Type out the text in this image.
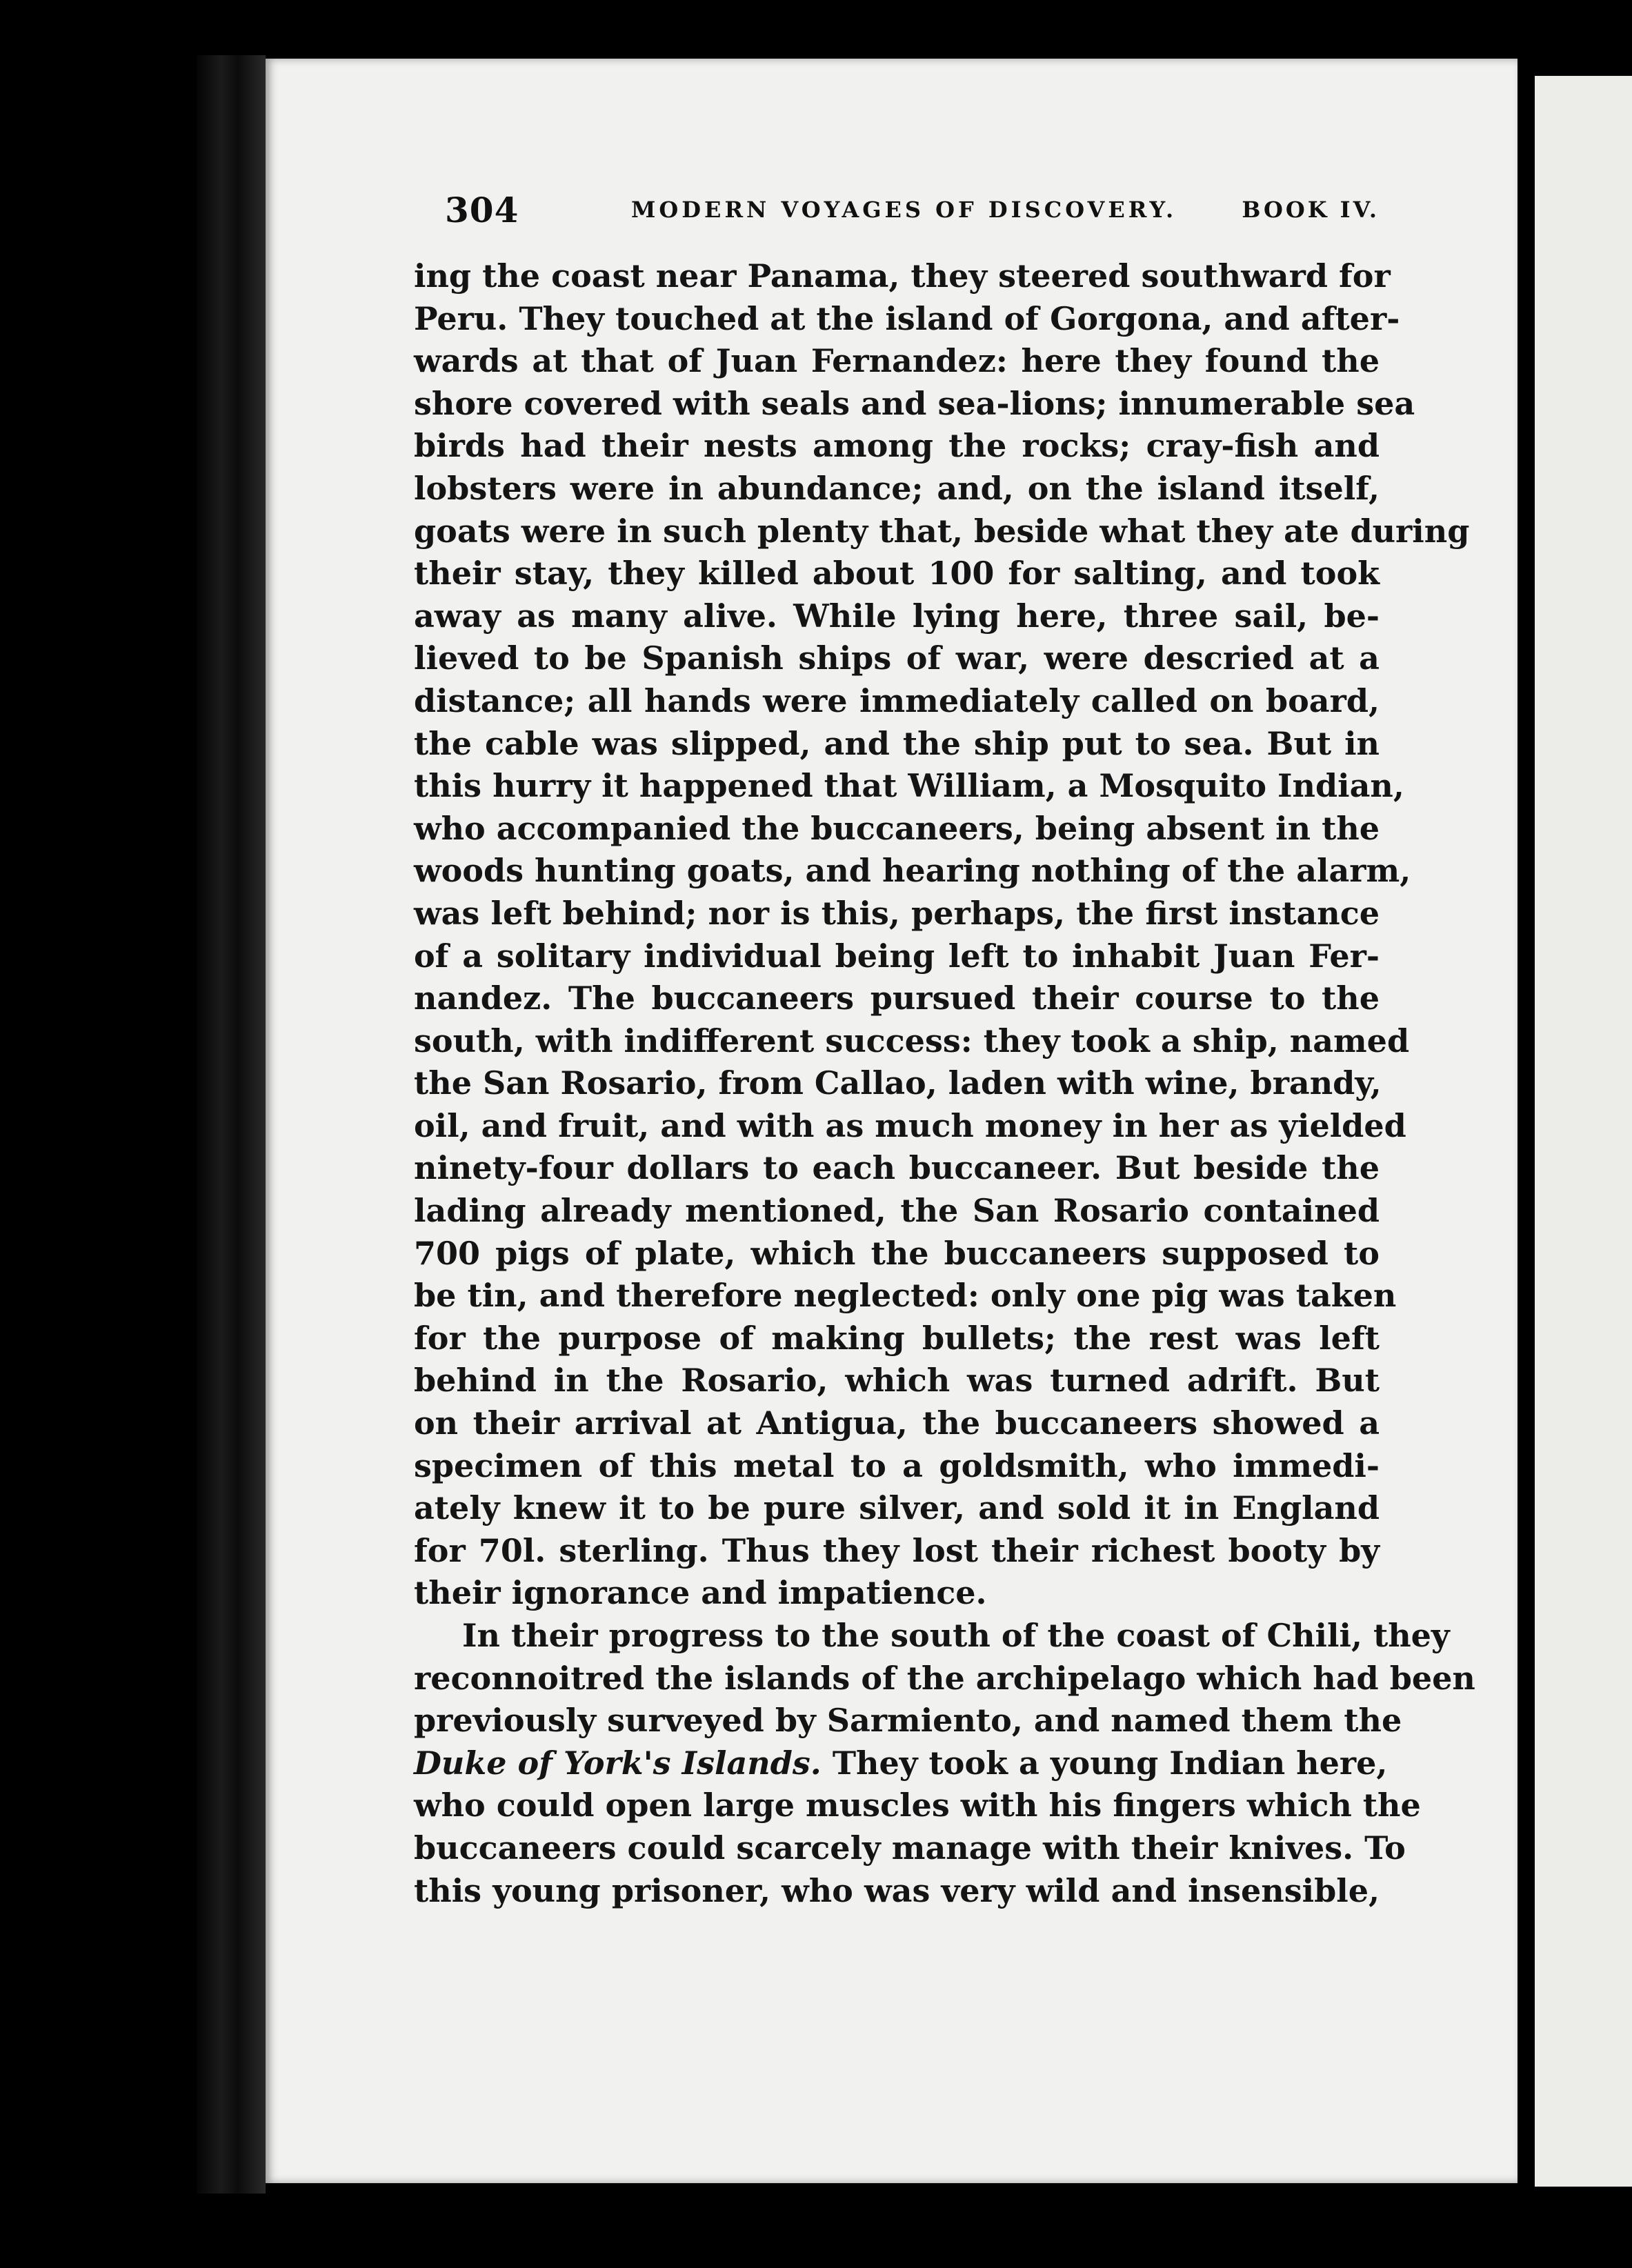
304	MODERN VOYAGES OF DISCOVERY.	BOOK IV.
ing the coast near Panama, they steered southward for
Peru. They touched at the island of Gorgona, and after-
wards at that of Juan Fernandez: here they found the
shore covered with seals and sea-lions; innumerable sea
birds had their nests among the rocks; cray-fish and
lobsters were in abundance; and, on the island itself,
goats were in such plenty that, beside what they ate during
their stay, they killed about 100 for salting, and took
away as many alive. While lying here, three sail, be-
lieved to be Spanish ships of war, were descried at a
distance; all hands were immediately called on board,
the cable was slipped, and the ship put to sea. But in
this hurry it happened that William, a Mosquito Indian,
who accompanied the buccaneers, being absent in the
woods hunting goats, and hearing nothing of the alarm,
was left behind; nor is this, perhaps, the first instance
of a solitary individual being left to inhabit Juan Fer-
nandez. The buccaneers pursued their course to the
south, with indifferent success: they took a ship, named
the San Rosario, from Callao, laden with wine, brandy,
oil, and fruit, and with as much money in her as yielded
ninety-four dollars to each buccaneer. But beside the
lading already mentioned, the San Rosario contained
700 pigs of plate, which the buccaneers supposed to
be tin, and therefore neglected: only one pig was taken
for the purpose of making bullets; the rest was left
behind in the Rosario, which was turned adrift. But
on their arrival at Antigua, the buccaneers showed a
specimen of this metal to a goldsmith, who immedi-
ately knew it to be pure silver, and sold it in England
for 70l. sterling. Thus they lost their richest booty by
their ignorance and impatience.
In their progress to the south of the coast of Chili, they
reconnoitred the islands of the archipelago which had been
previously surveyed by Sarmiento, and named them the
Duke of York's Islands. They took a young Indian here,
who could open large muscles with his fingers which the
buccaneers could scarcely manage with their knives. To
this young prisoner, who was very wild and insensible,
